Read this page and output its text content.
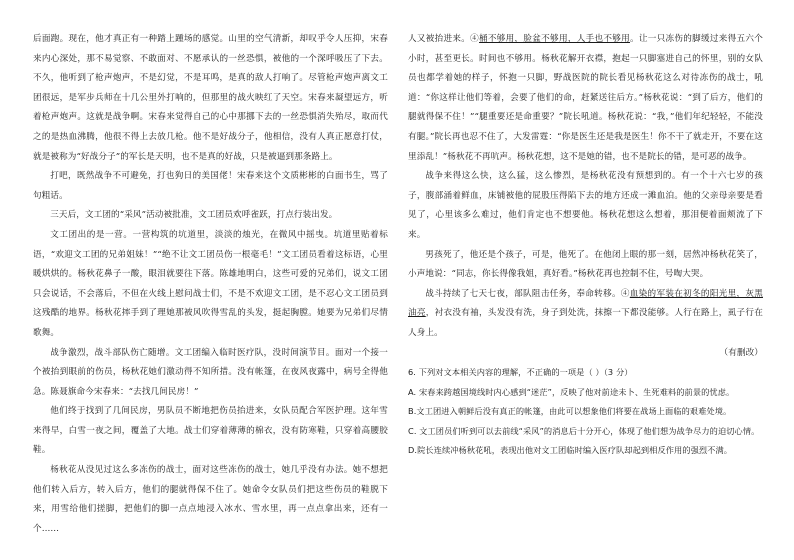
后面跑。现在，他才真正有一种踏上踵场的感觉。山里的空气清新，却叹乎令人压抑，宋春来内心深处，那不易觉察、不敢面对、不愿承认的一丝恐惧，被他的一个深呼吸压了下去。不久，他听到了枪声炮声，不是幻觉，不是耳鸣，是真的敌人打响了。尽管枪声炮声离文工团很远，是军步兵师在十几公里外打响的，但那里的战火映红了天空。宋春来凝望远方，听着枪声炮声。这就是战争啊。宋春来觉得自己的心中那挪下去的一丝恐惧消失殆尽，取而代之的是热血沸腾，他很不得上去放几枪。他不是好战分子，他相信，没有人真正愿意打仗，就是被称为“好战分子”的军长是天明，也不是真的好战，只是被逼到那条路上。

打吧，既然战争不可避免，打也狗日的美国佬！宋春来这个文质彬彬的白面书生，骂了句粗话。

三天后，文工团的“采风”活动被批准，文工团员欢呼雀跃，打点行装出发。

文工团出的是一营。一营构筑的坑道里，淡淡的烛光，在微风中摇曳。坑道里贴着标语，“欢迎文工团的兄弟姐妹！”“绝不让文工团员伤一根毫毛！”文工团员看着这标语，心里暖烘烘的。杨秋花鼻子一酸，眼泪就要往下落。陈雄地明白，这些可爱的兄弟们，说文工团只会说话，不会落后，不但在火线上慰问战士们，不是不欢迎文工团，是不忍心文工团员到这残酷的地界。杨秋花摔手到了理她那被风吹得雪乱的头发，挺起胸膛。她要为兄弟们尽情歌舞。

战争激烈，战斗部队伤亡随增。文工团编入临时医疗队，没时间演节目。面对一个接一个被抬到眼前的伤员，杨秋花她们激动得不知所措。没有帐篷，在夜风夜露中，病号全得他急。陈聂旗命今宋春来：“去找几间民房！”

他们终于找到了几间民房，男队员不断地把伤员抬进来，女队员配合军医护理。这年雪来得早，白雪一夜之间，覆盖了大地。战士们穿着薄薄的棉衣，没有防寒鞋，只穿着高腰胶鞋。

杨秋花从没见过这么多冻伤的战士，面对这些冻伤的战士，她几乎没有办法。她不想把他们转入后方，转入后方，他们的腿就得保不住了。她命令女队员们把这些伤员的鞋脱下来，用雪给他们搓脚，把他们的脚一点点地浸入冰水、雪水里，再一点点拿出来，还有一个……

人又被抬进来。④桶不够用，脸盆不够用，人手也不够用。让一只冻伤的脚缓过来得五六个小时，甚至更长。时间也不够用。杨秋花解开衣襟，抱起一只脚塞进自己的怀里，别的女队员也都学着她的样子，怀抱一只脚，野战医院的院长看见杨秋花这么对待冻伤的战士，吼道：“你这样让他们等着，会要了他们的命，赶紧送往后方。”杨秋花说：“到了后方，他们的腿就得保不住！”“腿重要还是命重要？”院长吼道。杨秋花说：“我，”他们年纪轻轻，不能没有腿。”院长再也忍不住了，大发雷霆：“你是医生还是我是医生！你不干了就走开，不要在这里添乱！”杨秋花不再吭声。杨秋花想，这不是她的错，也不是院长的错，是可恶的战争。

战争来得这么快，这么猛，这么惨烈，是杨秋花没有预想到的。有一个十六七岁的孩子，腹部涌着鲜血，床铺被他的屁股压得陷下去的地方还成一滩血泊。他的父亲母亲要是看见了，心里该多么难过，他们肯定也不想要他。杨秋花想这么想着，那泪便着面颊流了下来。

男孩死了，他还是个孩子，可是，他死了。在他闭上眼的那一刻，居然冲杨秋花笑了，小声地说：“同志，你长得像我姐，真好看。”杨秋花再也控制不住，号啕大哭。

战斗持续了七天七夜，部队阻击任务，奉命转移。④血染的军装在初冬的阳光里，灰黑油亮，衬衣没有袖，头发没有洗，身子到处洗，抹擦一下都没能够。人行在路上，虱子行在人身上。

（有删改）

6. 下列对文本相关内容的理解，不正确的一项是（ ）（3 分）

A. 宋春来跨越国境线时内心感到“迷茫”，反映了他对前途未卜、生死难料的前景的忧虑。

B.文工团进入朝鲜后没有真正的帐篷，由此可以想象他们将要在战场上面临的艰难处境。

C. 文工团员们听到可以去前线“采风”的消息后十分开心，体现了他们想为战争尽力的迫切心情。

D.院长连续冲杨秋花吼，表现出他对文工团临时编入医疗队却起到相反作用的强烈不满。
